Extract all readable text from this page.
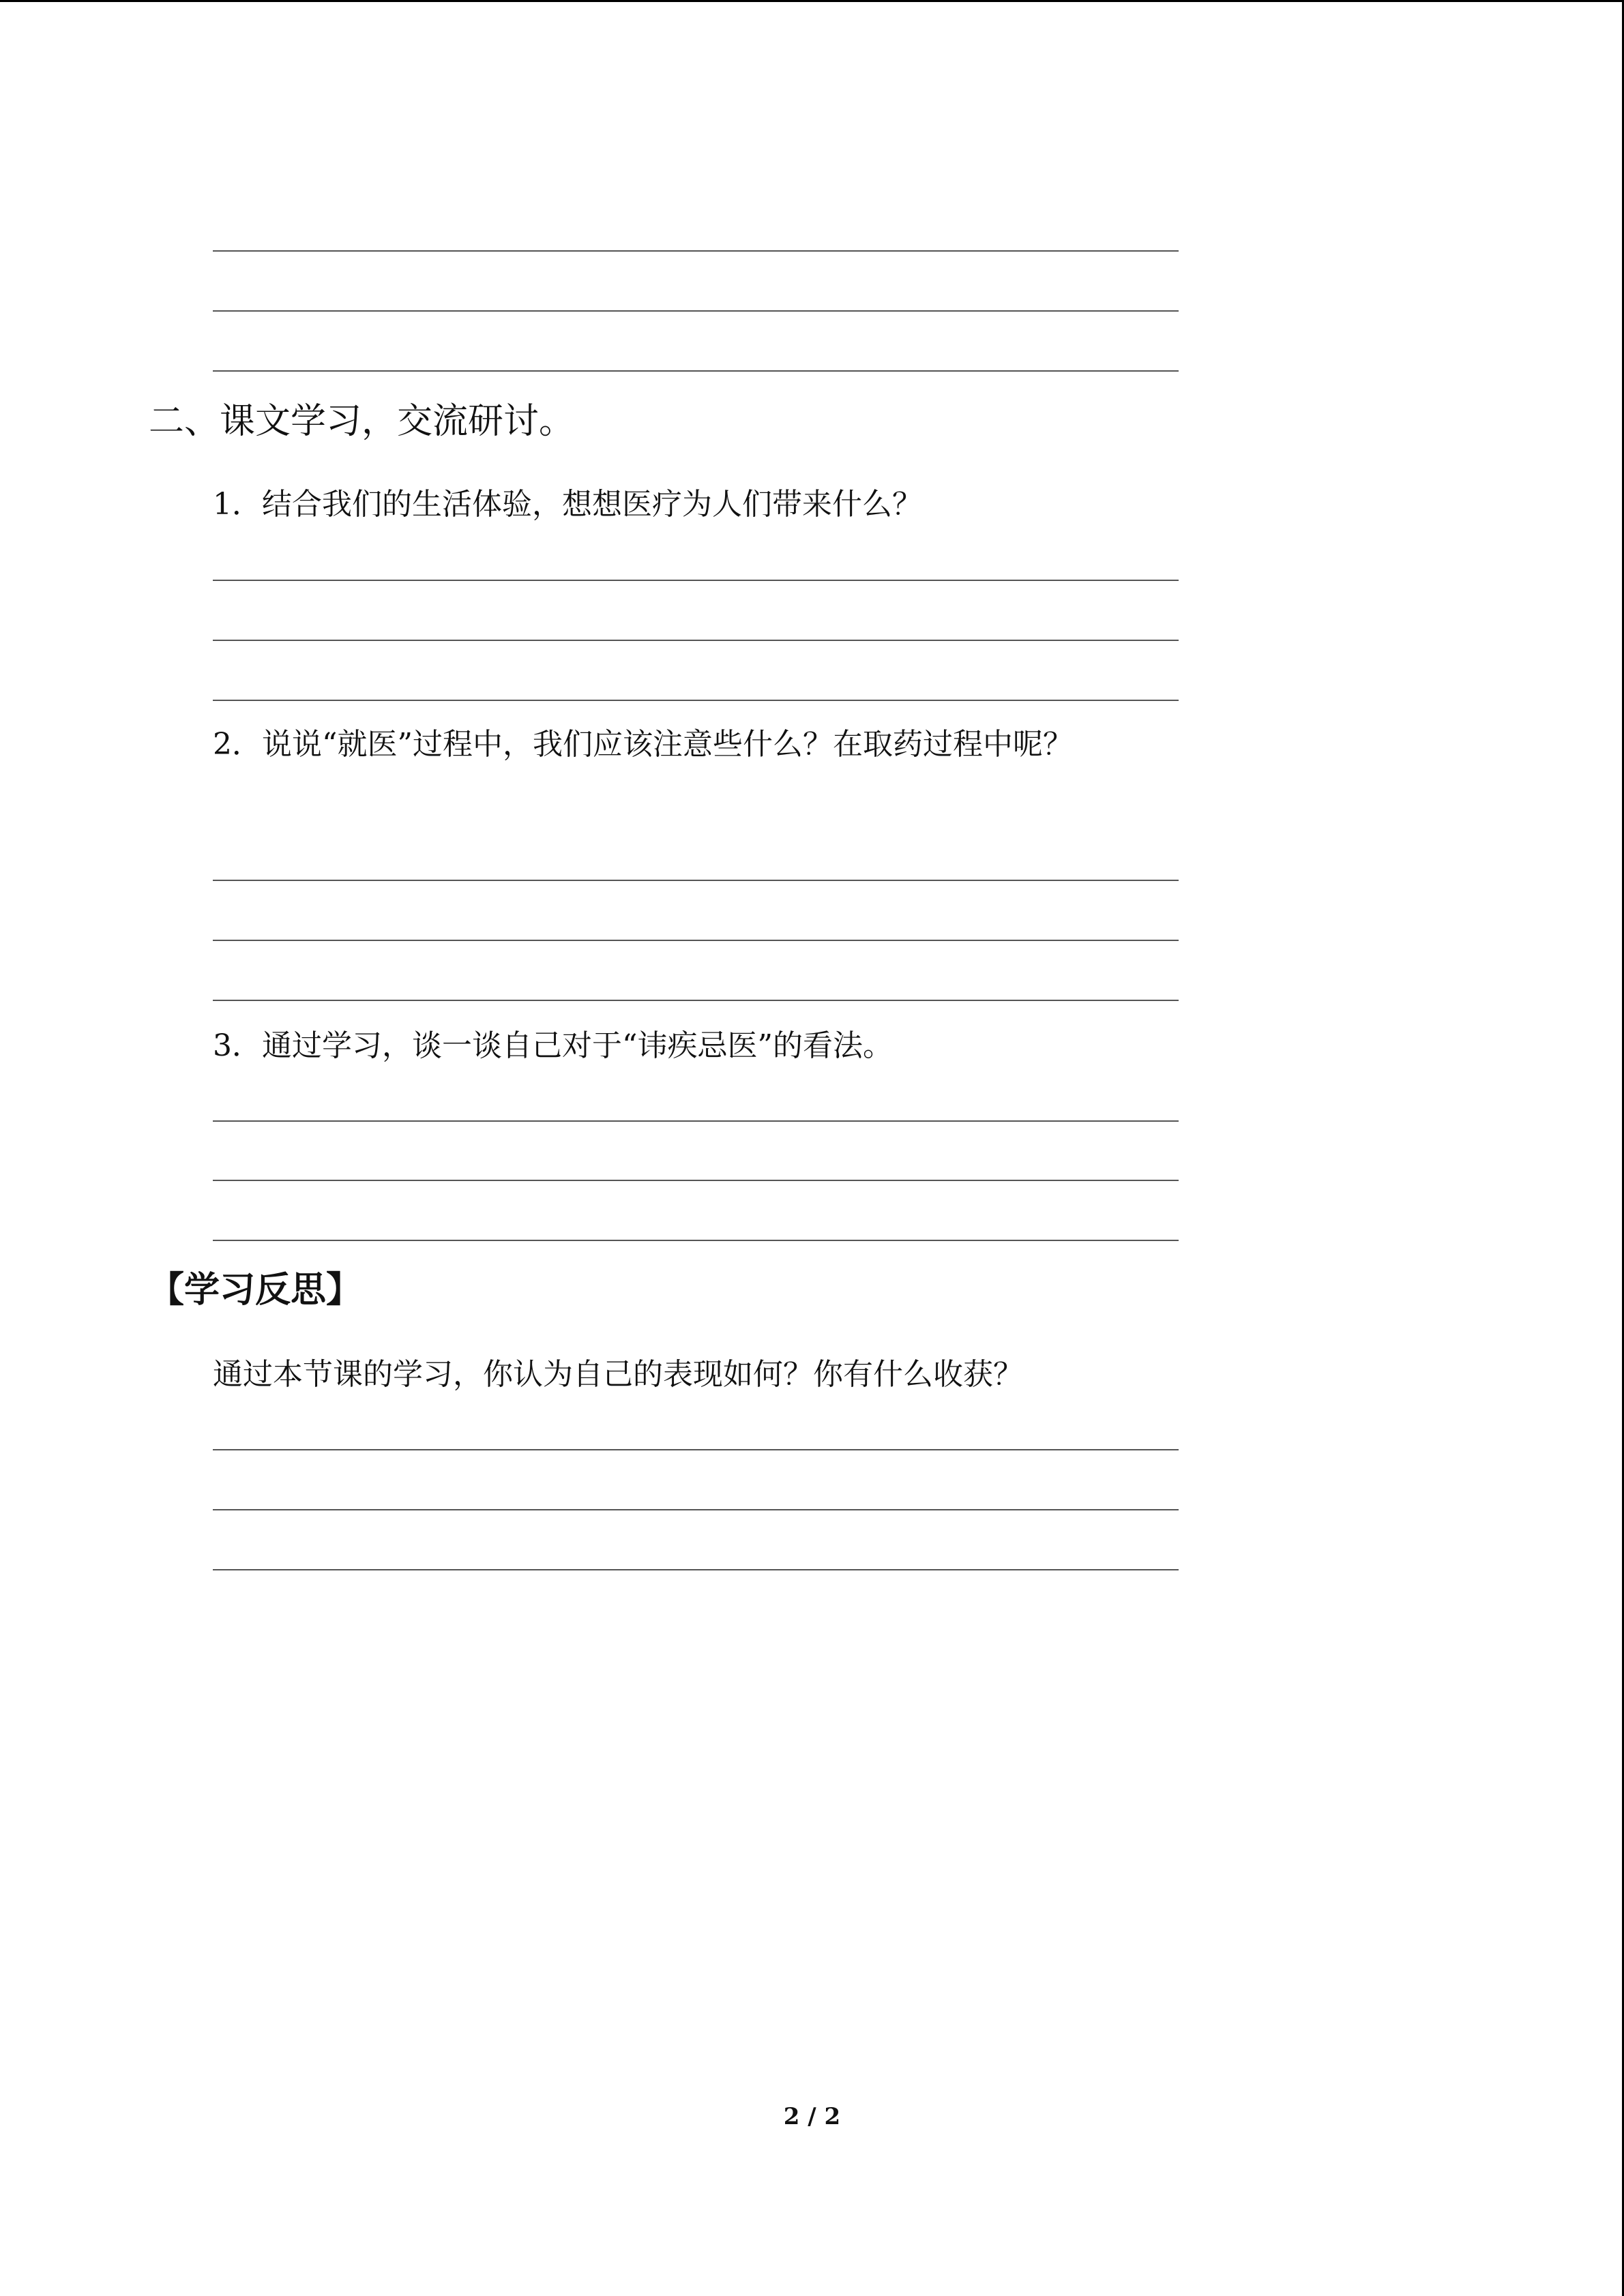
二、课文学习，交流研讨。
1．结合我们的生活体验，想想医疗为人们带来什么？
2．说说“就医”过程中，我们应该注意些什么？在取药过程中呢？
3．通过学习，谈一谈自己对于“讳疾忌医”的看法。
【学习反思】
通过本节课的学习，你认为自己的表现如何？你有什么收获？
2 / 2
